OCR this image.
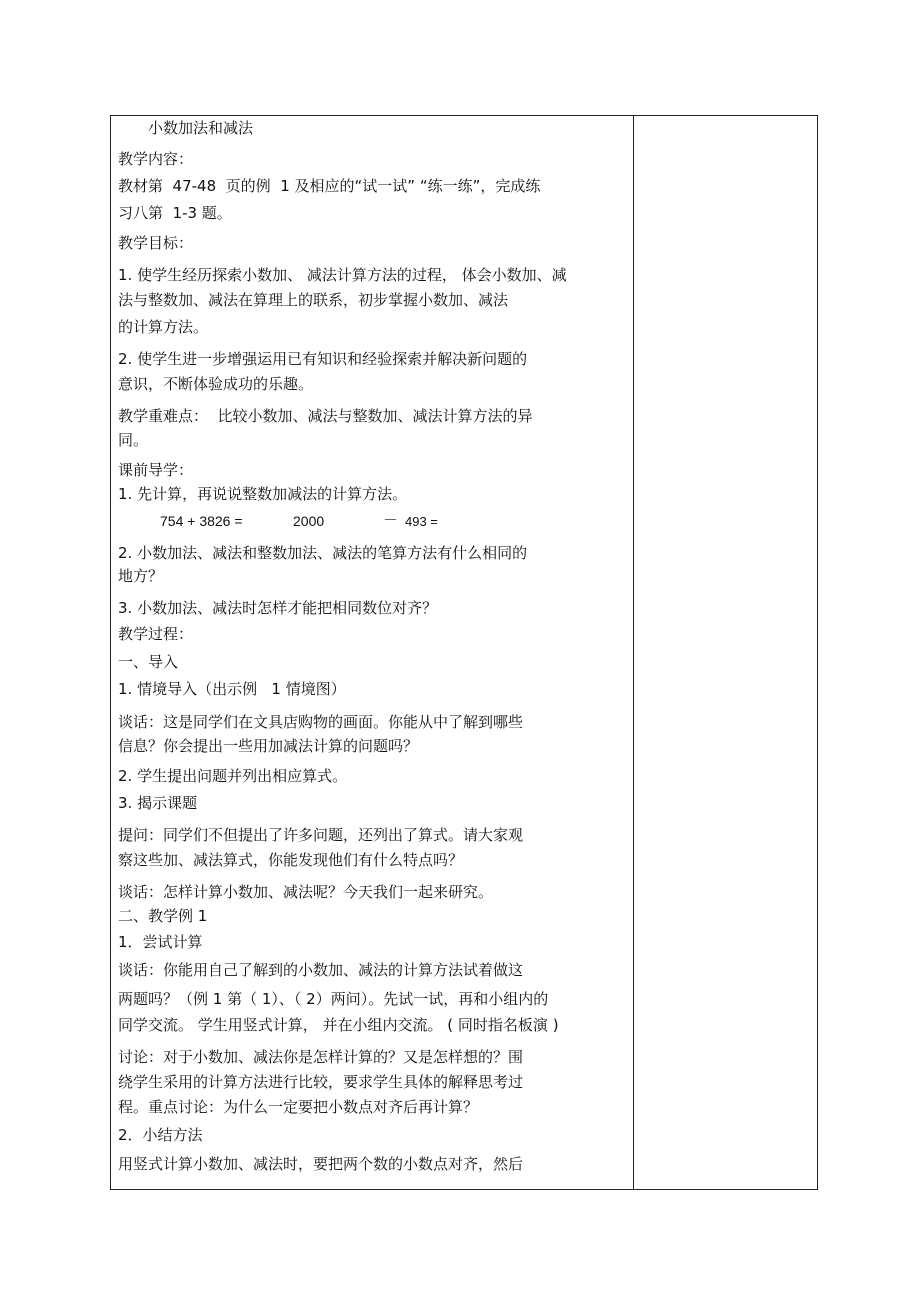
小数加法和减法
教学内容：
教材第  47-48  页的例  1 及相应的“试一试” “练一练”，完成练
习八第  1-3 题。
教学目标：
1. 使学生经历探索小数加、 减法计算方法的过程， 体会小数加、减
法与整数加、减法在算理上的联系，初步掌握小数加、减法
的计算方法。
2. 使学生进一步增强运用已有知识和经验探索并解决新问题的
意识，不断体验成功的乐趣。
教学重难点：  比较小数加、减法与整数加、减法计算方法的异
同。
课前导学：
1. 先计算，再说说整数加减法的计算方法。
754 + 3826 =	2000	－ 493 =
2. 小数加法、减法和整数加法、减法的笔算方法有什么相同的
地方？
3. 小数加法、减法时怎样才能把相同数位对齐？
教学过程：
一、导入
1. 情境导入（出示例   1 情境图）
谈话：这是同学们在文具店购物的画面。你能从中了解到哪些
信息？你会提出一些用加减法计算的问题吗？
2. 学生提出问题并列出相应算式。
3. 揭示课题
提问：同学们不但提出了许多问题，还列出了算式。请大家观
察这些加、减法算式，你能发现他们有什么特点吗？
谈话：怎样计算小数加、减法呢？今天我们一起来研究。
二、教学例 1
1．尝试计算
谈话：你能用自己了解到的小数加、减法的计算方法试着做这
两题吗？（例 1 第（ 1）、（ 2）两问）。先试一试，再和小组内的
同学交流。 学生用竖式计算， 并在小组内交流。 ( 同时指名板演 )
讨论：对于小数加、减法你是怎样计算的？又是怎样想的？围
绕学生采用的计算方法进行比较，要求学生具体的解释思考过
程。重点讨论：为什么一定要把小数点对齐后再计算？
2．小结方法
用竖式计算小数加、减法时，要把两个数的小数点对齐，然后
